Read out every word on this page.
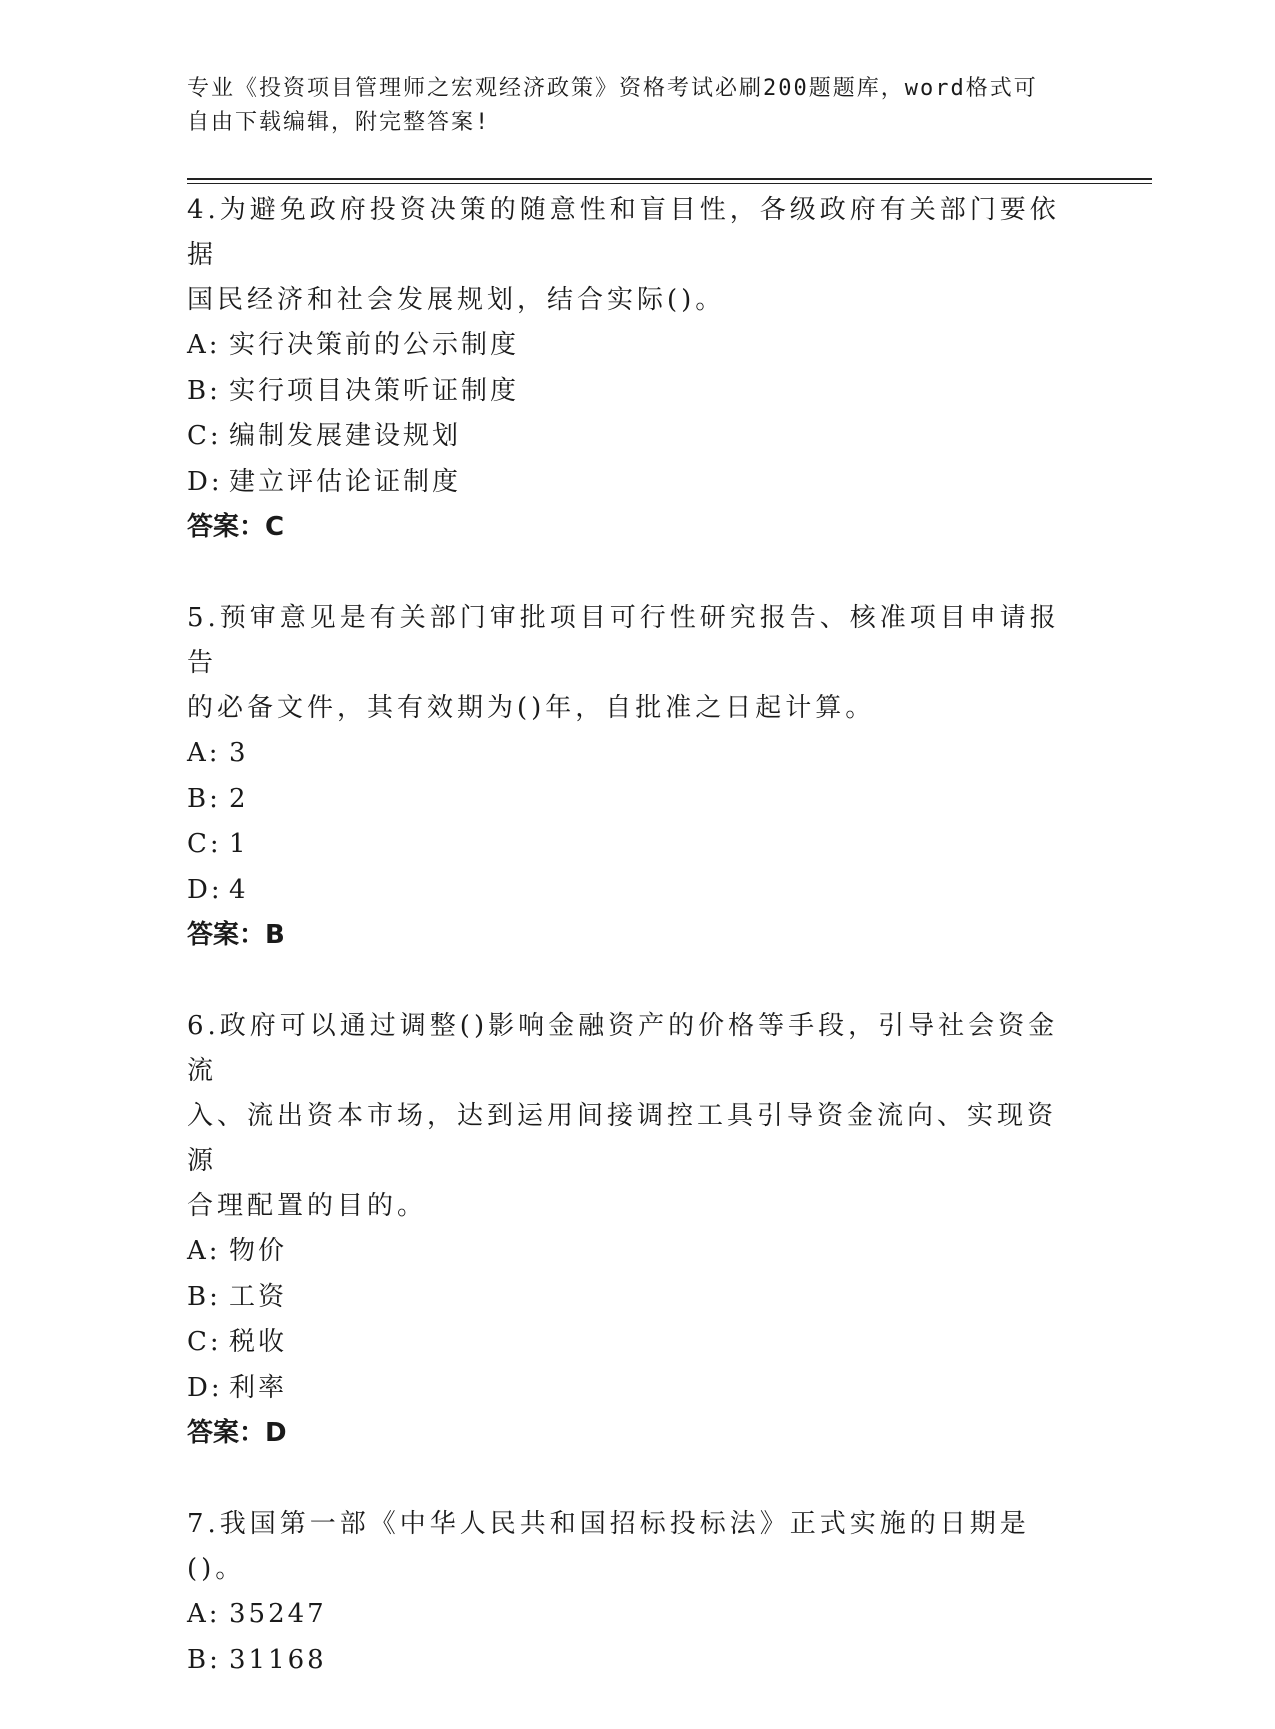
专业《投资项目管理师之宏观经济政策》资格考试必刷200题题库，word格式可
自由下载编辑，附完整答案!

4.为避免政府投资决策的随意性和盲目性，各级政府有关部门要依据

国民经济和社会发展规划，结合实际()。

A: 实行决策前的公示制度

B: 实行项目决策听证制度

C: 编制发展建设规划

D: 建立评估论证制度

答案：C

5.预审意见是有关部门审批项目可行性研究报告、核准项目申请报告

的必备文件，其有效期为()年，自批准之日起计算。

A: 3

B: 2

C: 1

D: 4

答案：B

6.政府可以通过调整()影响金融资产的价格等手段，引导社会资金流

入、流出资本市场，达到运用间接调控工具引导资金流向、实现资源

合理配置的目的。

A: 物价

B: 工资

C: 税收

D: 利率

答案：D

7.我国第一部《中华人民共和国招标投标法》正式实施的日期是()。

A: 35247

B: 31168
